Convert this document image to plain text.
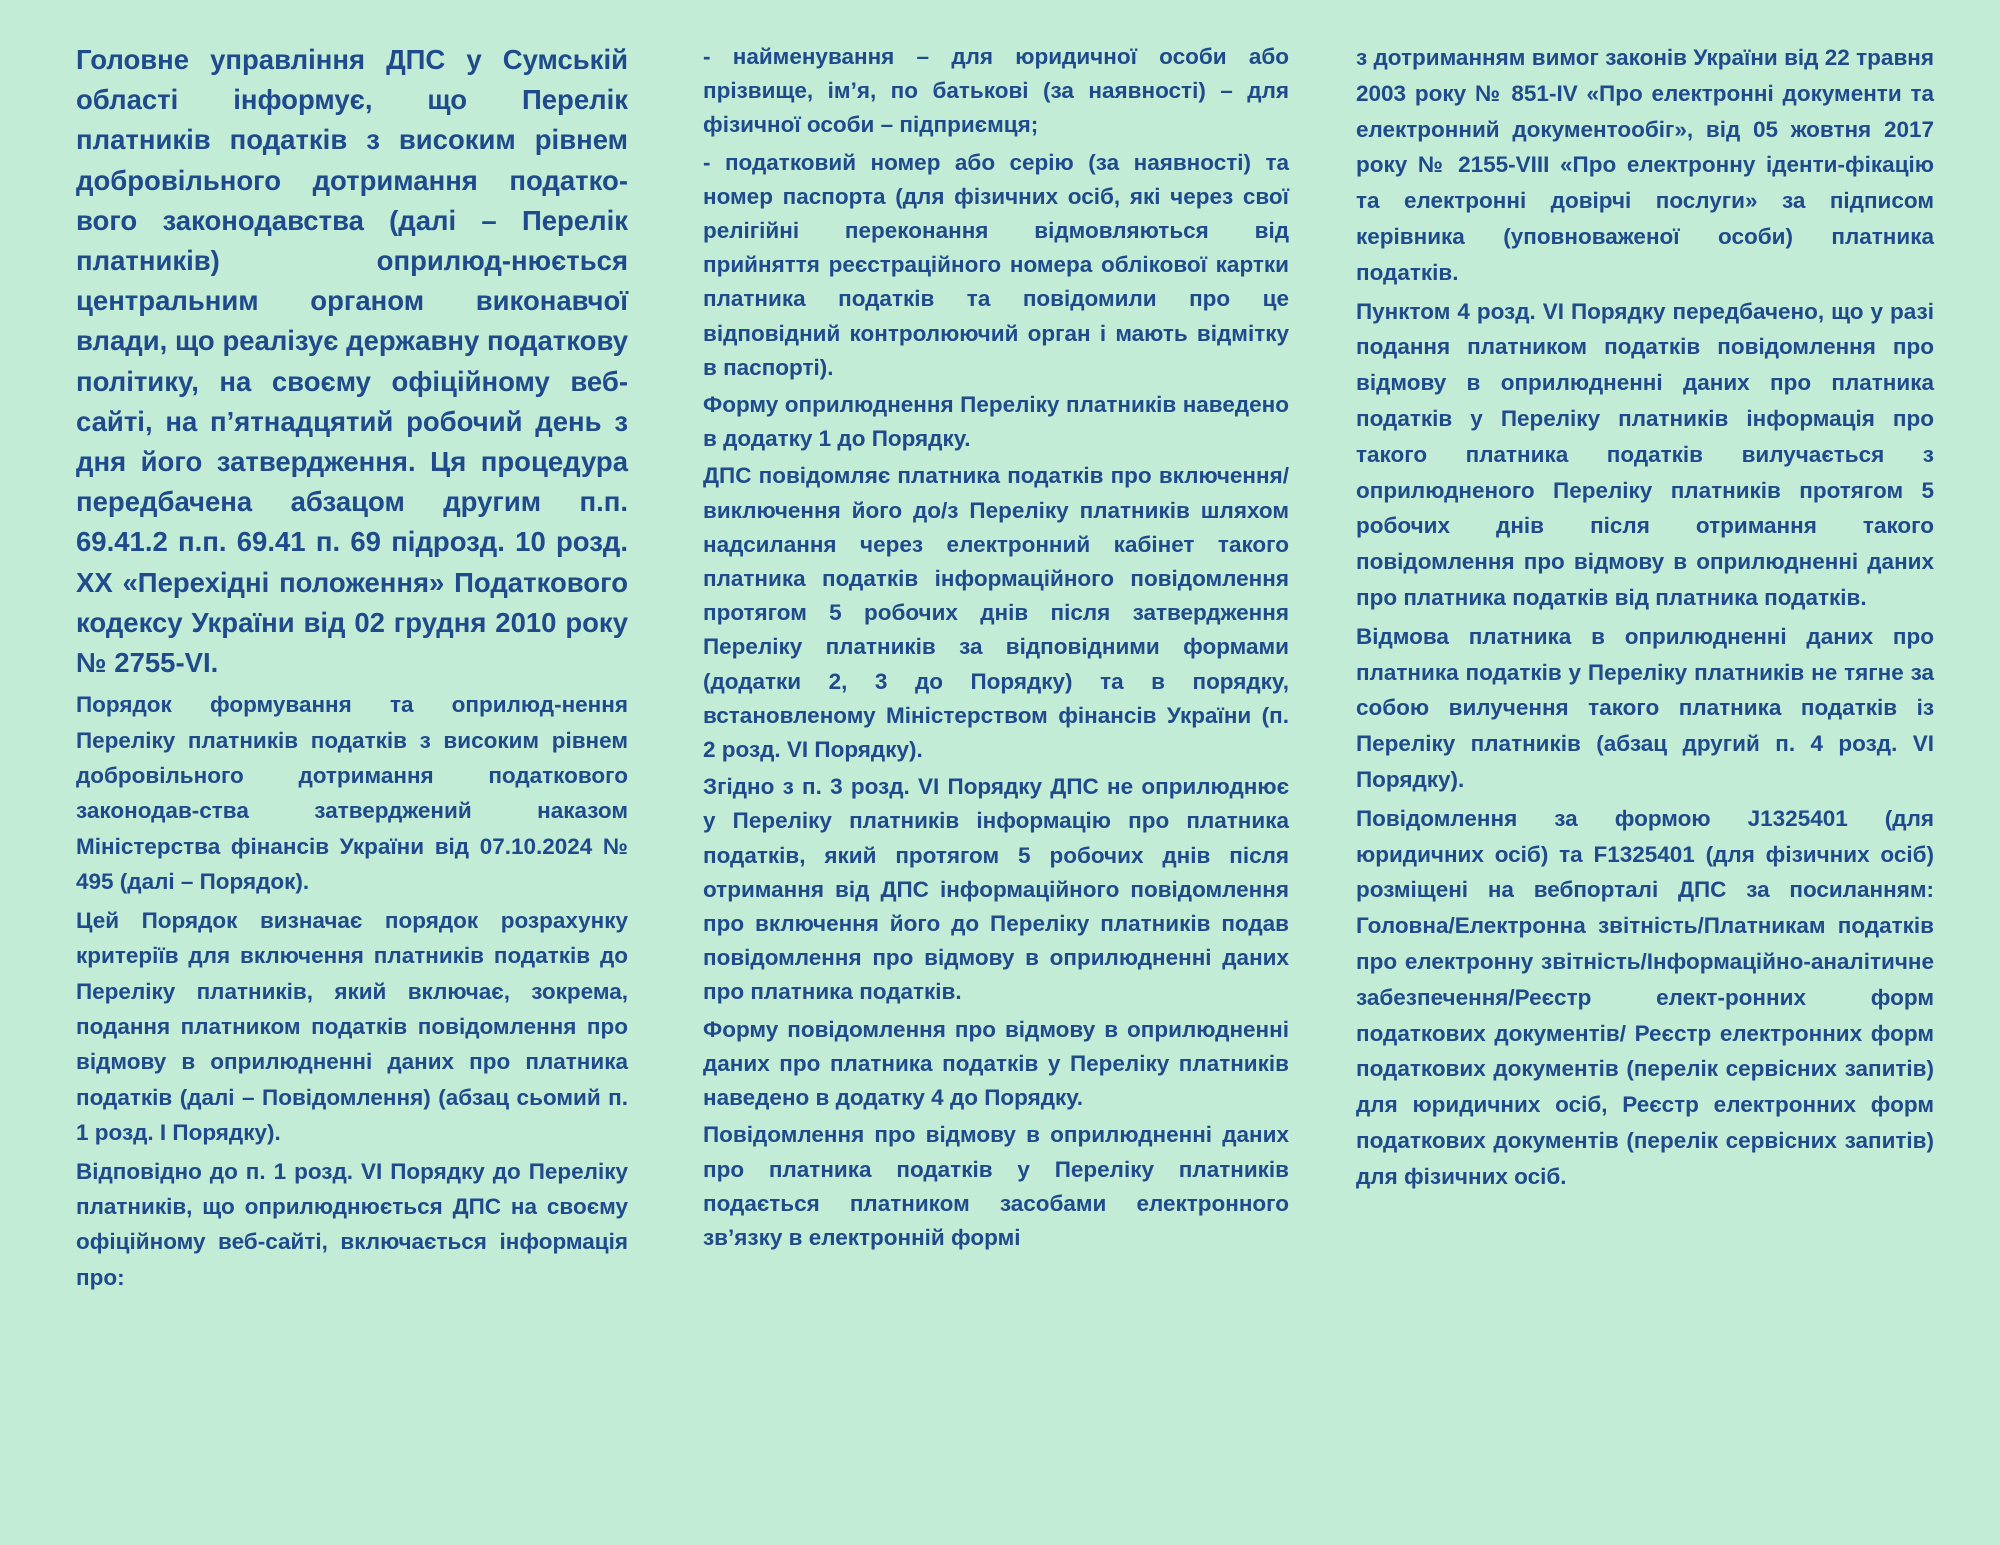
Головне управління ДПС у Сумській області інформує, що Перелік платників податків з високим рівнем добровільного дотримання податко-вого законодавства (далі – Перелік платників) оприлюд-нюється центральним органом виконавчої влади, що реалізує державну податкову політику, на своєму офіційному веб-сайті, на п’ятнадцятий робочий день з дня його затвердження. Ця процедура передбачена абзацом другим п.п. 69.41.2 п.п. 69.41 п. 69 підрозд. 10 розд. XX «Перехідні положення» Податкового кодексу України від 02 грудня 2010 року № 2755-VI.

Порядок формування та оприлюд-нення Переліку платників податків з високим рівнем добровільного дотримання податкового законодав-ства затверджений наказом Міністерства фінансів України від 07.10.2024 № 495 (далі – Порядок).

Цей Порядок визначає порядок розрахунку критеріїв для включення платників податків до Переліку платників, який включає, зокрема, подання платником податків повідомлення про відмову в оприлюдненні даних про платника податків (далі – Повідомлення) (абзац сьомий п. 1 розд. I Порядку).

Відповідно до п. 1 розд. VI Порядку до Переліку платників, що оприлюднюється ДПС на своєму офіційному веб-сайті, включається інформація про:

- найменування – для юридичної особи або прізвище, ім’я, по батькові (за наявності) – для фізичної особи – підприємця;

- податковий номер або серію (за наявності) та номер паспорта (для фізичних осіб, які через свої релігійні переконання відмовляються від прийняття реєстраційного номера облікової картки платника податків та повідомили про це відповідний контролюючий орган і мають відмітку в паспорті).

Форму оприлюднення Переліку платників наведено в додатку 1 до Порядку.

ДПС повідомляє платника податків про включення/виключення його до/з Переліку платників шляхом надсилання через електронний кабінет такого платника податків інформаційного повідомлення протягом 5 робочих днів після затвердження Переліку платників за відповідними формами (додатки 2, 3 до Порядку) та в порядку, встановленому Міністерством фінансів України (п. 2 розд. VI Порядку).

Згідно з п. 3 розд. VI Порядку ДПС не оприлюднює у Переліку платників інформацію про платника податків, який протягом 5 робочих днів після отримання від ДПС інформаційного повідомлення про включення його до Переліку платників подав повідомлення про відмову в оприлюдненні даних про платника податків.

Форму повідомлення про відмову в оприлюдненні даних про платника податків у Переліку платників наведено в додатку 4 до Порядку.

Повідомлення про відмову в оприлюдненні даних про платника податків у Переліку платників подається платником засобами електронного зв’язку в електронній формі

з дотриманням вимог законів України від 22 травня 2003 року № 851-IV «Про електронні документи та електронний документообіг», від 05 жовтня 2017 року № 2155-VIII «Про електронну іденти-фікацію та електронні довірчі послуги» за підписом керівника (уповноваженої особи) платника податків.

Пунктом 4 розд. VI Порядку передбачено, що у разі подання платником податків повідомлення про відмову в оприлюдненні даних про платника податків у Переліку платників інформація про такого платника податків вилучається з оприлюдненого Переліку платників протягом 5 робочих днів після отримання такого повідомлення про відмову в оприлюдненні даних про платника податків від платника податків.

Відмова платника в оприлюдненні даних про платника податків у Переліку платників не тягне за собою вилучення такого платника податків із Переліку платників (абзац другий п. 4 розд. VI Порядку).

Повідомлення за формою J1325401 (для юридичних осіб) та F1325401 (для фізичних осіб) розміщені на вебпорталі ДПС за посиланням: Головна/Електронна звітність/Платникам податків про електронну звітність/Інформаційно-аналітичне забезпечення/Реєстр елект-ронних форм податкових документів/ Реєстр електронних форм податкових документів (перелік сервісних запитів) для юридичних осіб, Реєстр електронних форм податкових документів (перелік сервісних запитів) для фізичних осіб.
